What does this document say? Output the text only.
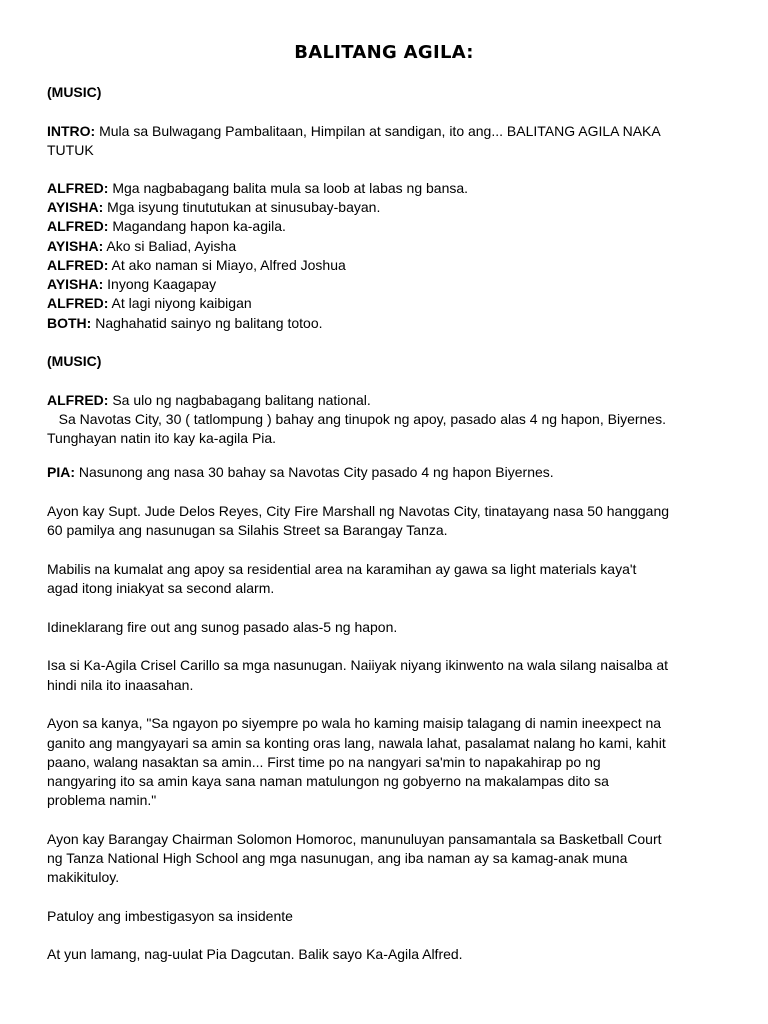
BALITANG AGILA:
(MUSIC)
INTRO: Mula sa Bulwagang Pambalitaan, Himpilan at sandigan, ito ang... BALITANG AGILA NAKA
TUTUK
ALFRED: Mga nagbabagang balita mula sa loob at labas ng bansa.
AYISHA: Mga isyung tinututukan at sinusubay-bayan.
ALFRED: Magandang hapon ka-agila.
AYISHA: Ako si Baliad, Ayisha
ALFRED: At ako naman si Miayo, Alfred Joshua
AYISHA: Inyong Kaagapay
ALFRED: At lagi niyong kaibigan
BOTH: Naghahatid sainyo ng balitang totoo.
(MUSIC)
ALFRED: Sa ulo ng nagbabagang balitang national.
Sa Navotas City, 30 ( tatlompung ) bahay ang tinupok ng apoy, pasado alas 4 ng hapon, Biyernes.
Tunghayan natin ito kay ka-agila Pia.
PIA: Nasunong ang nasa 30 bahay sa Navotas City pasado 4 ng hapon Biyernes.
Ayon kay Supt. Jude Delos Reyes, City Fire Marshall ng Navotas City, tinatayang nasa 50 hanggang
60 pamilya ang nasunugan sa Silahis Street sa Barangay Tanza.
Mabilis na kumalat ang apoy sa residential area na karamihan ay gawa sa light materials kaya't
agad itong iniakyat sa second alarm.
Idineklarang fire out ang sunog pasado alas-5 ng hapon.
Isa si Ka-Agila Crisel Carillo sa mga nasunugan. Naiiyak niyang ikinwento na wala silang naisalba at
hindi nila ito inaasahan.
Ayon sa kanya, "Sa ngayon po siyempre po wala ho kaming maisip talagang di namin ineexpect na
ganito ang mangyayari sa amin sa konting oras lang, nawala lahat, pasalamat nalang ho kami, kahit
paano, walang nasaktan sa amin... First time po na nangyari sa'min to napakahirap po ng
nangyaring ito sa amin kaya sana naman matulungon ng gobyerno na makalampas dito sa
problema namin."
Ayon kay Barangay Chairman Solomon Homoroc, manunuluyan pansamantala sa Basketball Court
ng Tanza National High School ang mga nasunugan, ang iba naman ay sa kamag-anak muna
makikituloy.
Patuloy ang imbestigasyon sa insidente
At yun lamang, nag-uulat Pia Dagcutan. Balik sayo Ka-Agila Alfred.
